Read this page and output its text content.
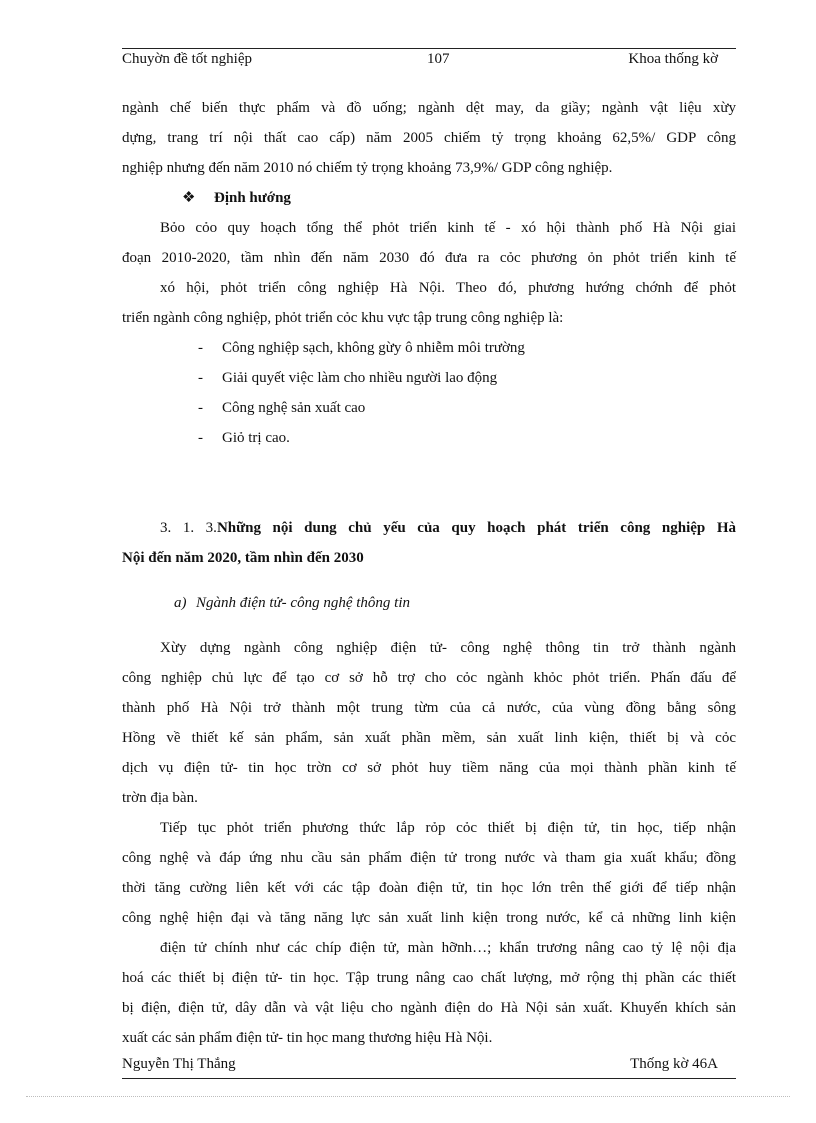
Chuyờn đề tốt nghiệp	107	Khoa thống kờ

ngành chế biến thực phẩm và đồ uống; ngành dệt may, da giầy; ngành vật liệu xừy
dựng, trang trí nội thất cao cấp) năm 2005 chiếm tỷ trọng khoảng 62,5%/ GDP công
nghiệp nhưng đến năm 2010 nó chiếm tỷ trọng khoảng 73,9%/ GDP công nghiệp.

❖ Định hướng

Bỏo cỏo quy hoạch tổng thể phỏt triển kinh tế - xó hội thành phố Hà Nội giai
đoạn 2010-2020, tầm nhìn đến năm 2030 đó đưa ra cỏc phương ỏn phỏt triển kinh tế

xó hội, phỏt triển công nghiệp Hà Nội. Theo đó, phương hướng chớnh để phỏt
triển ngành công nghiệp, phỏt triển cỏc khu vực tập trung công nghiệp là:

- Công nghiệp sạch, không gừy ô nhiễm môi trường
- Giải quyết việc làm cho nhiều người lao động
- Công nghệ sản xuất cao
- Giỏ trị cao.

3. 1. 3.Những nội dung chủ yếu của quy hoạch phát triển công nghiệp Hà
Nội đến năm 2020, tầm nhìn đến 2030

a) Ngành điện tử- công nghệ thông tin

Xừy dựng ngành công nghiệp điện tử- công nghệ thông tin trở thành ngành
công nghiệp chủ lực để tạo cơ sở hỗ trợ cho cỏc ngành khỏc phỏt triển. Phấn đấu để
thành phố Hà Nội trở thành một trung từm của cả nước, của vùng đồng bằng sông
Hồng về thiết kế sản phẩm, sản xuất phần mềm, sản xuất linh kiện, thiết bị và cỏc
dịch vụ điện tử- tin học trờn cơ sở phỏt huy tiềm năng của mọi thành phần kinh tế
trờn địa bàn.

Tiếp tục phỏt triển phương thức lắp rỏp cỏc thiết bị điện tử, tin học, tiếp nhận
công nghệ và đáp ứng nhu cầu sản phẩm điện tử trong nước và tham gia xuất khẩu; đồng
thời tăng cường liên kết với các tập đoàn điện tử, tin học lớn trên thế giới để tiếp nhận
công nghệ hiện đại và tăng năng lực sản xuất linh kiện trong nước, kể cả những linh kiện

điện tử chính như các chíp điện tử, màn hỡnh…; khẩn trương nâng cao tỷ lệ nội địa
hoá các thiết bị điện tử- tin học. Tập trung nâng cao chất lượng, mở rộng thị phần các thiết
bị điện, điện tử, dây dẫn và vật liệu cho ngành điện do Hà Nội sản xuất. Khuyến khích sản
xuất các sản phẩm điện tử- tin học mang thương hiệu Hà Nội.

Nguyễn Thị Thắng	Thống kờ 46A
